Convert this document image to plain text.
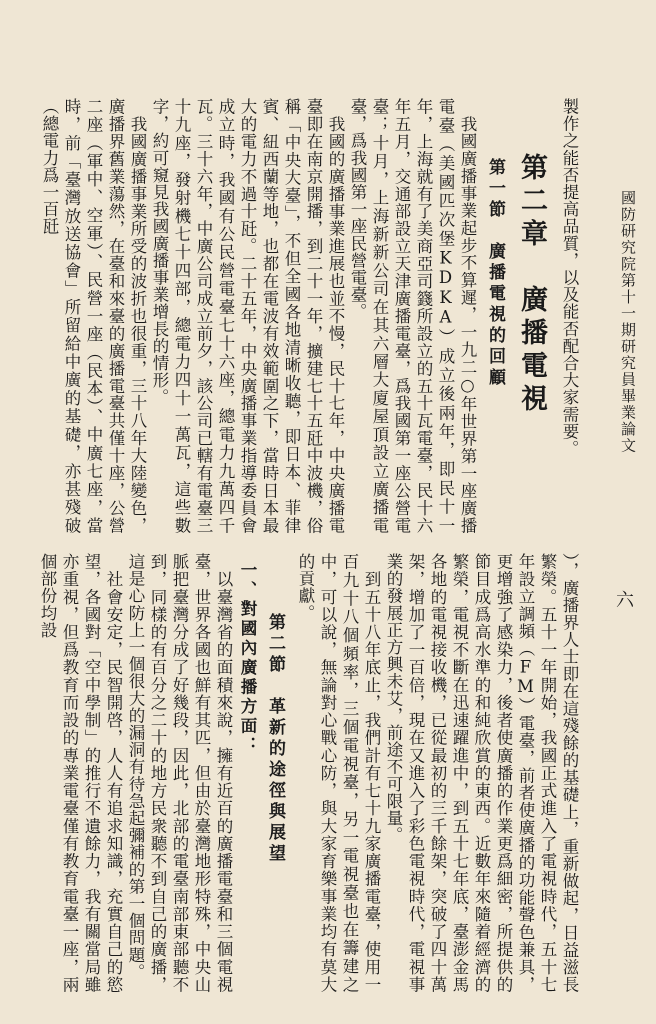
國防研究院第十一期研究員畢業論文
六

製作之能否提高品質，以及能否配合大家需要。

第二章　廣播電視

第一節　廣播電視的回顧

我國廣播事業起步不算遲，一九二○年世界第一座廣播電臺（美國匹次堡KDKA）成立後兩年，即民十一年，上海就有了美商亞司籛所設立的五十瓦電臺，民十六年五月，交通部設立天津廣播電臺，爲我國第一座公營電臺；十月，上海新新公司在其六層大廈屋頂設立廣播電臺，爲我國第一座民營電臺。

我國的廣播事業進展也並不慢，民十七年，中央廣播電臺即在南京開播，到二十一年，擴建七十五瓩中波機，俗稱「中央大臺」，不但全國各地清晰收聽，即日本、菲律賓、紐西蘭等地，也都在電波有效範圍之下，當時日本最大的電力不過十瓩。二十五年，中央廣播事業指導委員會成立時，我國有公民營電臺七十六座，總電力九萬四千瓦。三十六年，中廣公司成立前夕，該公司已轄有電臺三十九座，發射機七十四部，總電力四十一萬瓦，這些數字，約可窺見我國廣播事業增長的情形。

我國廣播事業所受的波折也很重，三十八年大陸變色，廣播界舊業蕩然，在臺和來臺的廣播電臺共僅十座，公營二座（軍中、空軍）、民營一座（民本）、中廣七座，當時，前「臺灣放送協會」所留給中廣的基礎，亦甚殘破（總電力爲一百瓩

），廣播界人士即在這殘餘的基礎上，重新做起，日益滋長繁榮。五十一年開始，我國正式進入了電視時代，五十七年設立調頻（FM）電臺，前者使廣播的功能聲色兼具，更增強了感染力，後者使廣播的作業更爲細密，所提供的節目成爲高水準的和純欣賞的東西。近數年來隨着經濟的繁榮，電視不斷在迅速躍進中，到五十七年底，臺澎金馬各地的電視接收機，已從最初的三千餘架，突破了四十萬架，增加了一百倍，現在又進入了彩色電視時代，電視事業的發展正方興未艾，前途不可限量。

到五十八年底止，我們計有七十九家廣播電臺，使用一百九十八個頻率，三個電視臺，另一電視臺也在籌建之中，可以說，無論對心戰心防，與大家育樂事業均有莫大的貢獻。

第二節　革新的途徑與展望

一、對國內廣播方面：

以臺灣省的面積來說，擁有近百的廣播電臺和三個電視臺，世界各國也鮮有其匹，但由於臺灣地形特殊，中央山脈把臺灣分成了好幾段，因此，北部的電臺南部東部聽不到，同樣的有百分之二十的地方民衆聽不到自己的廣播，這是心防上一個很大的漏洞有待急起彌補的第一個問題。

社會安定，民智開啓，人人有追求知識，充實自己的慾望，各國對「空中學制」的推行不遺餘力，我有關當局雖亦重視，但爲教育而設的專業電臺僅有教育電臺一座，兩個部份均設
